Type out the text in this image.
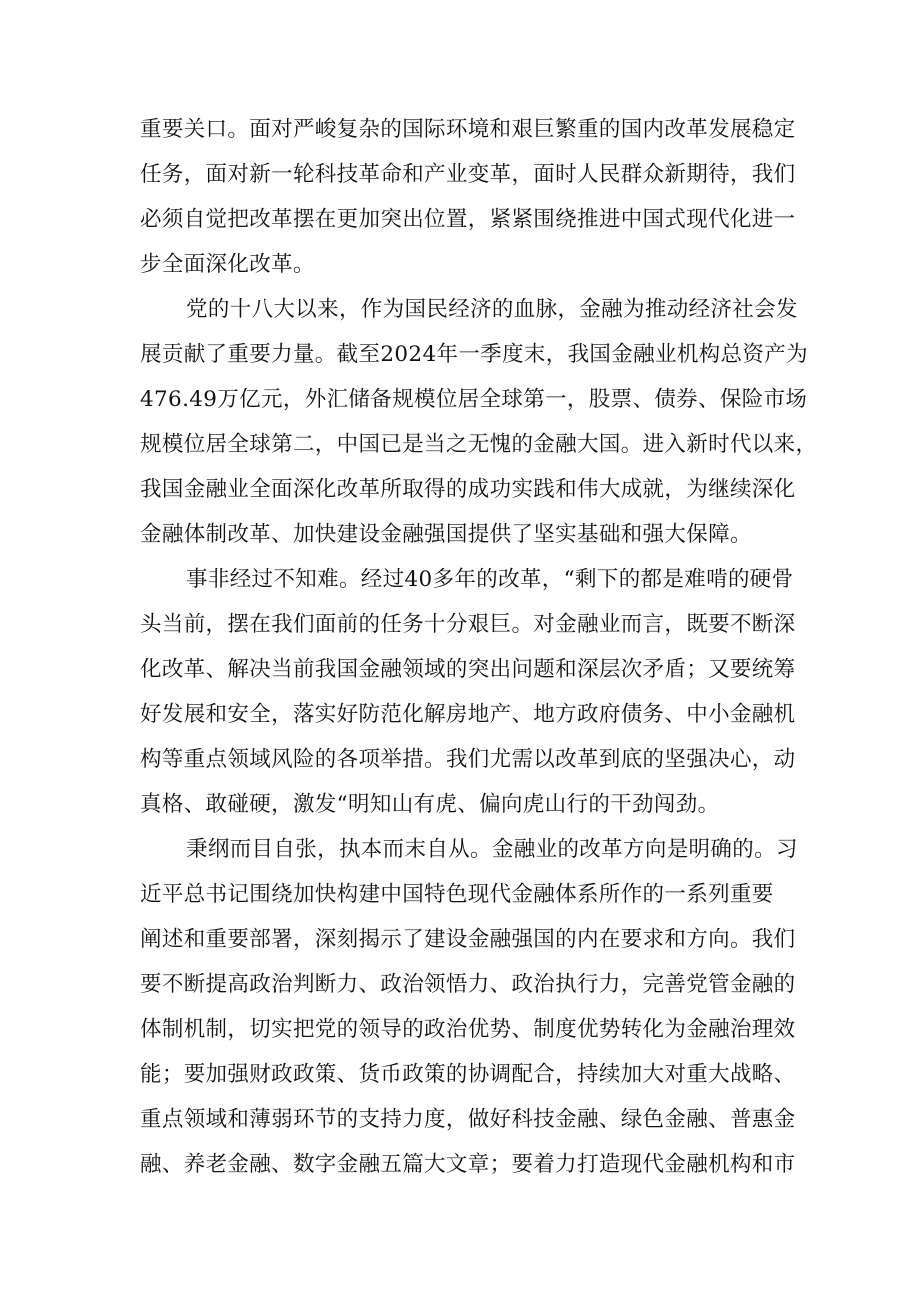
重要关口。面对严峻复杂的国际环境和艰巨繁重的国内改革发展稳定

任务，面对新一轮科技革命和产业变革，面时人民群众新期待，我们

必须自觉把改革摆在更加突出位置，紧紧围绕推进中国式现代化进一

步全面深化改革。

党的十八大以来，作为国民经济的血脉，金融为推动经济社会发

展贡献了重要力量。截至2024年一季度末，我国金融业机构总资产为

476.49万亿元，外汇储备规模位居全球第一，股票、债券、保险市场

规模位居全球第二，中国已是当之无愧的金融大国。进入新时代以来，

我国金融业全面深化改革所取得的成功实践和伟大成就，为继续深化

金融体制改革、加快建设金融强国提供了坚实基础和强大保障。

事非经过不知难。经过40多年的改革，“剩下的都是难啃的硬骨

头当前，摆在我们面前的任务十分艰巨。对金融业而言，既要不断深

化改革、解决当前我国金融领域的突出问题和深层次矛盾；又要统筹

好发展和安全，落实好防范化解房地产、地方政府债务、中小金融机

构等重点领域风险的各项举措。我们尤需以改革到底的坚强决心，动

真格、敢碰硬，激发“明知山有虎、偏向虎山行的干劲闯劲。

秉纲而目自张，执本而末自从。金融业的改革方向是明确的。习

近平总书记围绕加快构建中国特色现代金融体系所作的一系列重要

阐述和重要部署，深刻揭示了建设金融强国的内在要求和方向。我们

要不断提高政治判断力、政治领悟力、政治执行力，完善党管金融的

体制机制，切实把党的领导的政治优势、制度优势转化为金融治理效

能；要加强财政政策、货币政策的协调配合，持续加大对重大战略、

重点领域和薄弱环节的支持力度，做好科技金融、绿色金融、普惠金

融、养老金融、数字金融五篇大文章；要着力打造现代金融机构和市
